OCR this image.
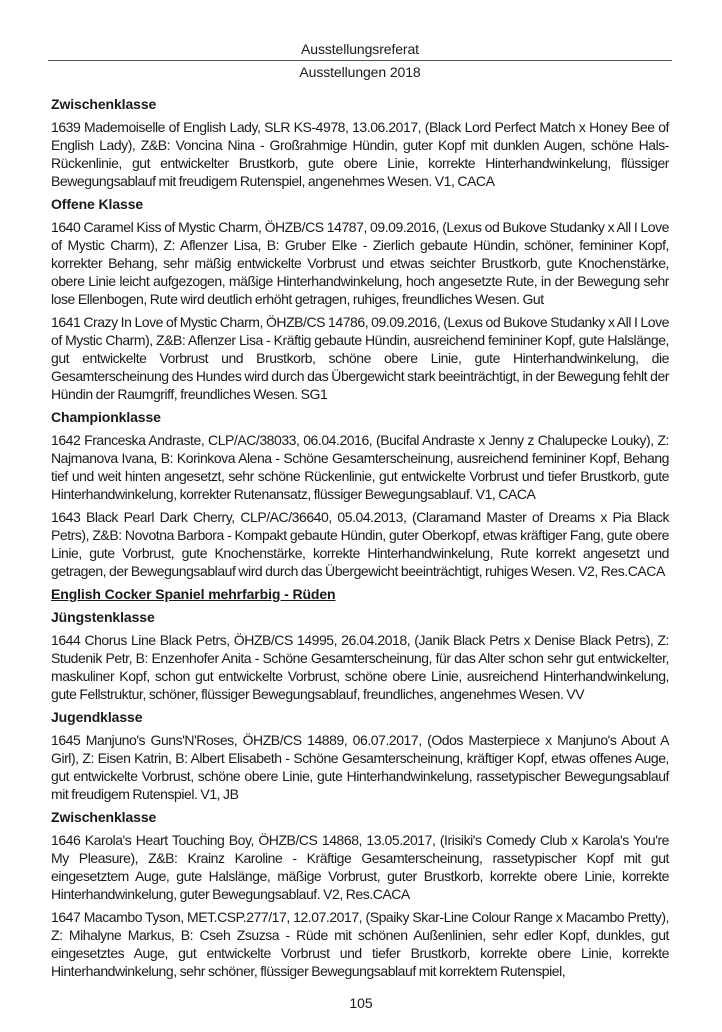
Ausstellungsreferat
Ausstellungen 2018
Zwischenklasse

1639 Mademoiselle of English Lady, SLR KS-4978, 13.06.2017, (Black Lord Perfect Match x Honey Bee of English Lady), Z&B: Voncina Nina - Großrahmige Hündin, guter Kopf mit dunklen Augen, schöne Hals-Rückenlinie, gut entwickelter Brustkorb, gute obere Linie, korrekte Hinterhandwinkelung, flüssiger Bewegungsablauf mit freudigem Rutenspiel, angenehmes Wesen. V1, CACA

Offene Klasse

1640 Caramel Kiss of Mystic Charm, ÖHZB/CS 14787, 09.09.2016, (Lexus od Bukove Studanky x All I Love of Mystic Charm), Z: Aflenzer Lisa, B: Gruber Elke - Zierlich gebaute Hündin, schöner, femininer Kopf, korrekter Behang, sehr mäßig entwickelte Vorbrust und etwas seichter Brustkorb, gute Knochenstärke, obere Linie leicht aufgezogen, mäßige Hinterhandwinkelung, hoch angesetzte Rute, in der Bewegung sehr lose Ellenbogen, Rute wird deutlich erhöht getragen, ruhiges, freundliches Wesen. Gut

1641 Crazy In Love of Mystic Charm, ÖHZB/CS 14786, 09.09.2016, (Lexus od Bukove Studanky x All I Love of Mystic Charm), Z&B: Aflenzer Lisa - Kräftig gebaute Hündin, ausreichend femininer Kopf, gute Halslänge, gut entwickelte Vorbrust und Brustkorb, schöne obere Linie, gute Hinterhandwinkelung, die Gesamterscheinung des Hundes wird durch das Übergewicht stark beeinträchtigt, in der Bewegung fehlt der Hündin der Raumgriff, freundliches Wesen. SG1

Championklasse

1642 Franceska Andraste, CLP/AC/38033, 06.04.2016, (Bucifal Andraste x Jenny z Chalupecke Louky), Z: Najmanova Ivana, B: Korinkova Alena - Schöne Gesamterscheinung, ausreichend femininer Kopf, Behang tief und weit hinten angesetzt, sehr schöne Rückenlinie, gut entwickelte Vorbrust und tiefer Brustkorb, gute Hinterhandwinkelung, korrekter Rutenansatz, flüssiger Bewegungsablauf. V1, CACA

1643 Black Pearl Dark Cherry, CLP/AC/36640, 05.04.2013, (Claramand Master of Dreams x Pia Black Petrs), Z&B: Novotna Barbora - Kompakt gebaute Hündin, guter Oberkopf, etwas kräftiger Fang, gute obere Linie, gute Vorbrust, gute Knochenstärke, korrekte Hinterhandwinkelung, Rute korrekt angesetzt und getragen, der Bewegungsablauf wird durch das Übergewicht beeinträchtigt, ruhiges Wesen. V2, Res.CACA

English Cocker Spaniel mehrfarbig - Rüden
Jüngstenklasse

1644 Chorus Line Black Petrs, ÖHZB/CS 14995, 26.04.2018, (Janik Black Petrs x Denise Black Petrs), Z: Studenik Petr, B: Enzenhofer Anita - Schöne Gesamterscheinung, für das Alter schon sehr gut entwickelter, maskuliner Kopf, schon gut entwickelte Vorbrust, schöne obere Linie, ausreichend Hinterhandwinkelung, gute Fellstruktur, schöner, flüssiger Bewegungsablauf, freundliches, angenehmes Wesen. VV

Jugendklasse

1645 Manjuno's Guns'N'Roses, ÖHZB/CS 14889, 06.07.2017, (Odos Masterpiece x Manjuno's About A Girl), Z: Eisen Katrin, B: Albert Elisabeth - Schöne Gesamterscheinung, kräftiger Kopf, etwas offenes Auge, gut entwickelte Vorbrust, schöne obere Linie, gute Hinterhandwinkelung, rassetypischer Bewegungsablauf mit freudigem Rutenspiel. V1, JB

Zwischenklasse

1646 Karola's Heart Touching Boy, ÖHZB/CS 14868, 13.05.2017, (Irisiki's Comedy Club x Karola's You're My Pleasure), Z&B: Krainz Karoline - Kräftige Gesamterscheinung, rassetypischer Kopf mit gut eingesetztem Auge, gute Halslänge, mäßige Vorbrust, guter Brustkorb, korrekte obere Linie, korrekte Hinterhandwinkelung, guter Bewegungsablauf. V2, Res.CACA

1647 Macambo Tyson, MET.CSP.277/17, 12.07.2017, (Spaiky Skar-Line Colour Range x Macambo Pretty), Z: Mihalyne Markus, B: Cseh Zsuzsa - Rüde mit schönen Außenlinien, sehr edler Kopf, dunkles, gut eingesetztes Auge, gut entwickelte Vorbrust und tiefer Brustkorb, korrekte obere Linie, korrekte Hinterhandwinkelung, sehr schöner, flüssiger Bewegungsablauf mit korrektem Rutenspiel,

105
